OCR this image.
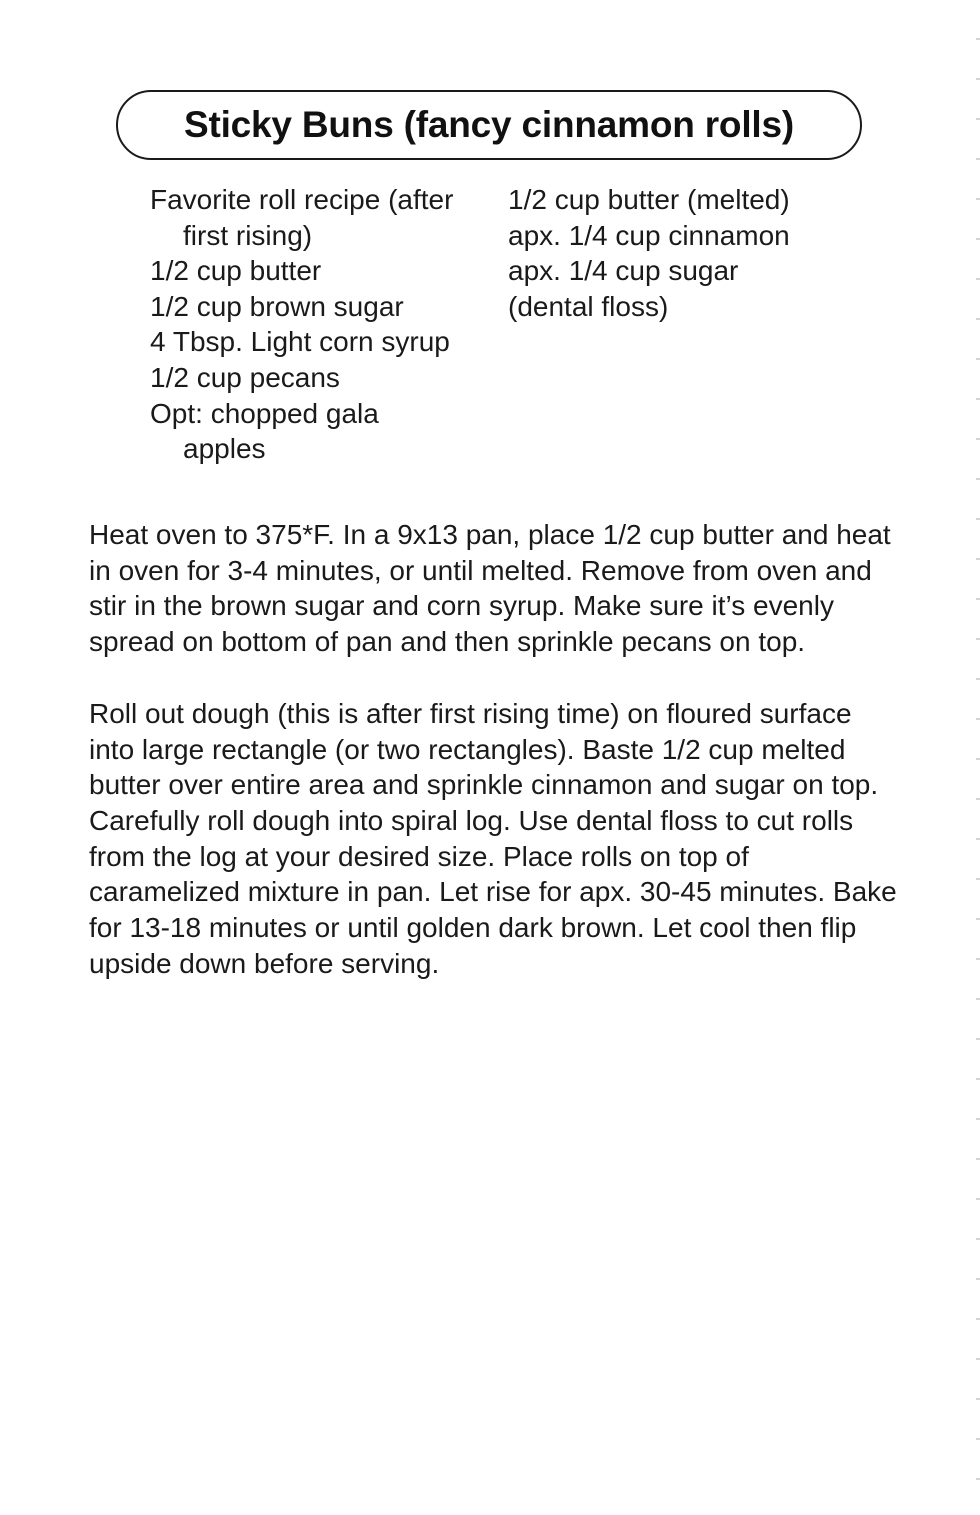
Sticky Buns (fancy cinnamon rolls)
Favorite roll recipe (after first rising)
1/2 cup butter
1/2 cup brown sugar
4 Tbsp. Light corn syrup
1/2 cup pecans
Opt: chopped gala apples
1/2 cup butter (melted)
apx. 1/4 cup cinnamon
apx. 1/4 cup sugar
(dental floss)

Heat oven to 375*F. In a 9x13 pan, place 1/2 cup butter and heat in oven for 3-4 minutes, or until melted. Remove from oven and stir in the brown sugar and corn syrup. Make sure it’s evenly spread on bottom of pan and then sprinkle pecans on top.

Roll out dough (this is after first rising time) on floured surface into large rectangle (or two rectangles). Baste 1/2 cup melted butter over entire area and sprinkle cinnamon and sugar on top. Carefully roll dough into spiral log. Use dental floss to cut rolls from the log at your desired size. Place rolls on top of caramelized mixture in pan. Let rise for apx. 30-45 minutes. Bake for 13-18 minutes or until golden dark brown. Let cool then flip upside down before serving.
